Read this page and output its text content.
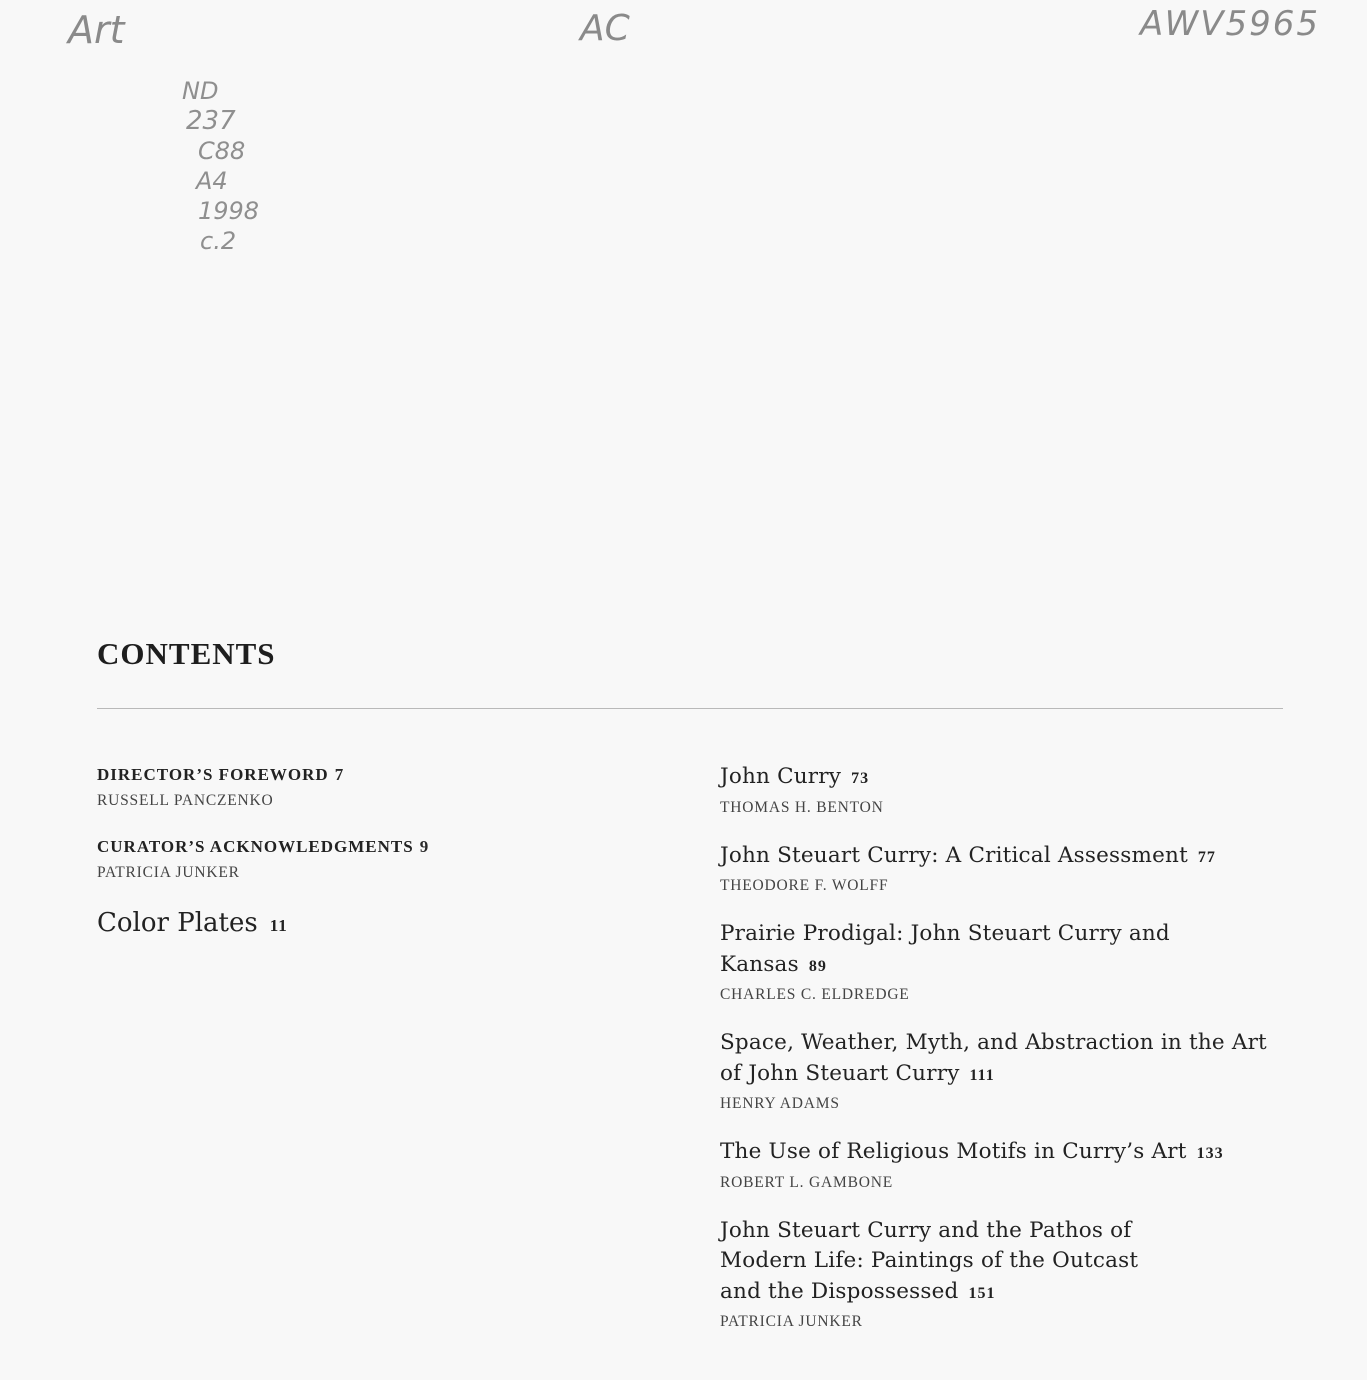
Art	AC	AWV5965
ND
237
C88
A4
1998
c.2
CONTENTS
DIRECTOR’S FOREWORD 7
RUSSELL PANCZENKO
CURATOR’S ACKNOWLEDGMENTS 9
PATRICIA JUNKER
Color Plates 11
John Curry 73
THOMAS H. BENTON
John Steuart Curry: A Critical Assessment 77
THEODORE F. WOLFF
Prairie Prodigal: John Steuart Curry and Kansas 89
CHARLES C. ELDREDGE
Space, Weather, Myth, and Abstraction in the Art of John Steuart Curry 111
HENRY ADAMS
The Use of Religious Motifs in Curry’s Art 133
ROBERT L. GAMBONE
John Steuart Curry and the Pathos of Modern Life: Paintings of the Outcast and the Dispossessed 151
PATRICIA JUNKER
